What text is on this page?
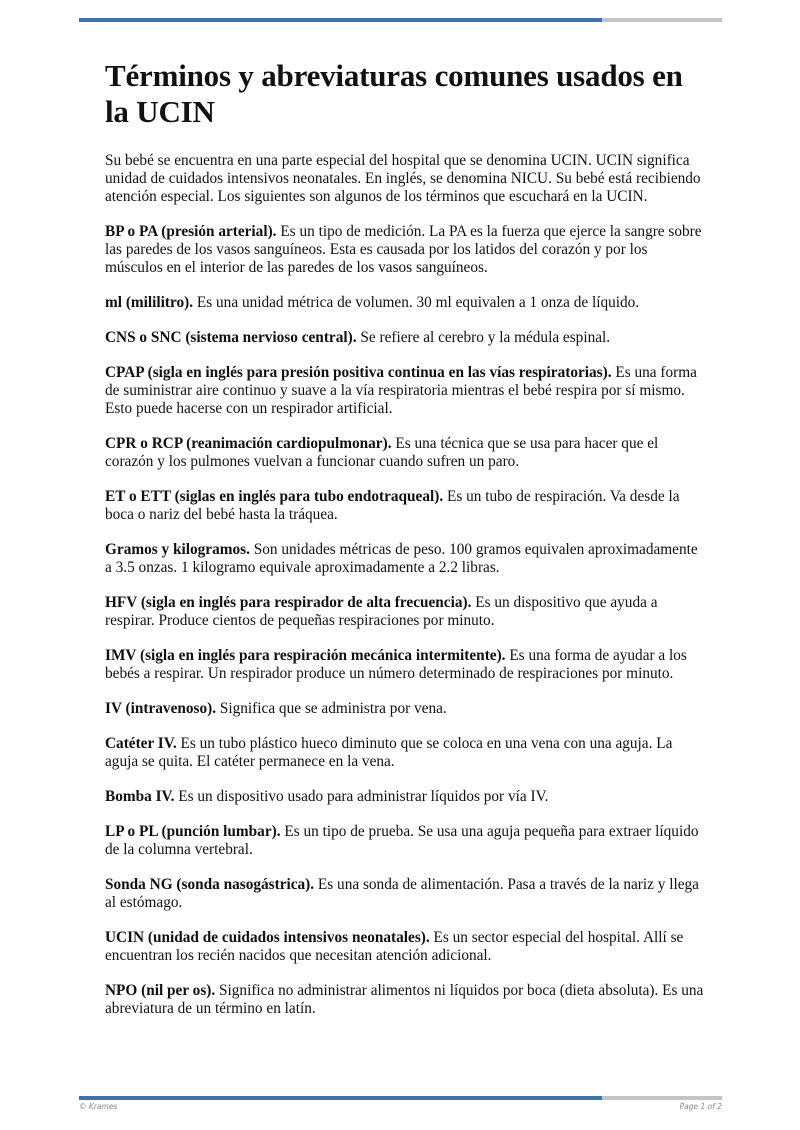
Términos y abreviaturas comunes usados en la UCIN

Su bebé se encuentra en una parte especial del hospital que se denomina UCIN. UCIN significa unidad de cuidados intensivos neonatales. En inglés, se denomina NICU. Su bebé está recibiendo atención especial. Los siguientes son algunos de los términos que escuchará en la UCIN.

BP o PA (presión arterial). Es un tipo de medición. La PA es la fuerza que ejerce la sangre sobre las paredes de los vasos sanguíneos. Esta es causada por los latidos del corazón y por los músculos en el interior de las paredes de los vasos sanguíneos.

ml (mililitro). Es una unidad métrica de volumen. 30 ml equivalen a 1 onza de líquido.

CNS o SNC (sistema nervioso central). Se refiere al cerebro y la médula espinal.

CPAP (sigla en inglés para presión positiva continua en las vías respiratorias). Es una forma de suministrar aire continuo y suave a la vía respiratoria mientras el bebé respira por sí mismo. Esto puede hacerse con un respirador artificial.

CPR o RCP (reanimación cardiopulmonar). Es una técnica que se usa para hacer que el corazón y los pulmones vuelvan a funcionar cuando sufren un paro.

ET o ETT (siglas en inglés para tubo endotraqueal). Es un tubo de respiración. Va desde la boca o nariz del bebé hasta la tráquea.

Gramos y kilogramos. Son unidades métricas de peso. 100 gramos equivalen aproximadamente a 3.5 onzas. 1 kilogramo equivale aproximadamente a 2.2 libras.

HFV (sigla en inglés para respirador de alta frecuencia). Es un dispositivo que ayuda a respirar. Produce cientos de pequeñas respiraciones por minuto.

IMV (sigla en inglés para respiración mecánica intermitente). Es una forma de ayudar a los bebés a respirar. Un respirador produce un número determinado de respiraciones por minuto.

IV (intravenoso). Significa que se administra por vena.

Catéter IV. Es un tubo plástico hueco diminuto que se coloca en una vena con una aguja. La aguja se quita. El catéter permanece en la vena.

Bomba IV. Es un dispositivo usado para administrar líquidos por vía IV.

LP o PL (punción lumbar). Es un tipo de prueba. Se usa una aguja pequeña para extraer líquido de la columna vertebral.

Sonda NG (sonda nasogástrica). Es una sonda de alimentación. Pasa a través de la nariz y llega al estómago.

UCIN (unidad de cuidados intensivos neonatales). Es un sector especial del hospital. Allí se encuentran los recién nacidos que necesitan atención adicional.

NPO (nil per os). Significa no administrar alimentos ni líquidos por boca (dieta absoluta). Es una abreviatura de un término en latín.

© Krames	Page 1 of 2
